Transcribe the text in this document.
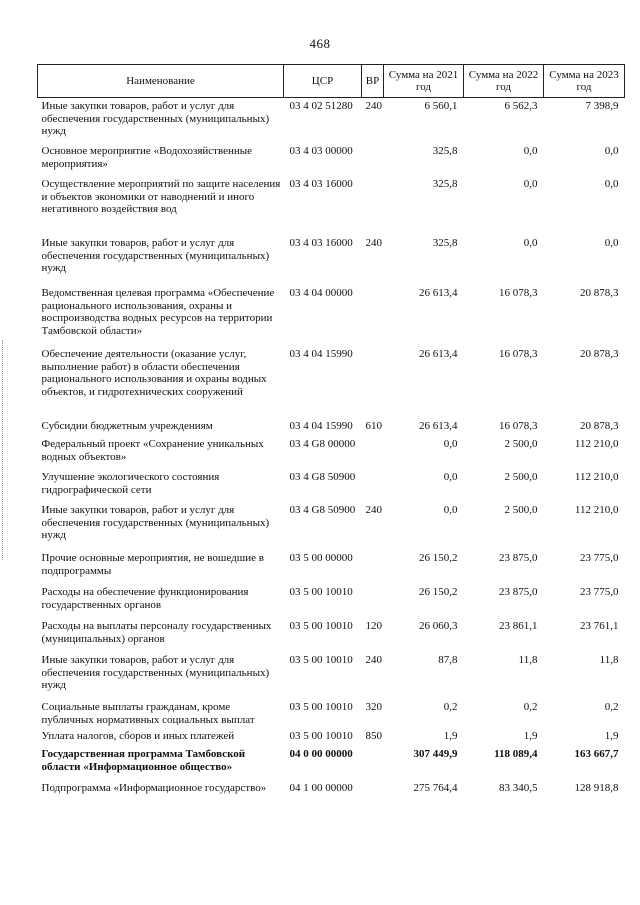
468
Наименование	ЦСР	ВР	Сумма на 2021 год	Сумма на 2022 год	Сумма на 2023 год
Иные закупки товаров, работ и услуг для обеспечения государственных (муниципальных) нужд	03 4 02 51280	240	6 560,1	6 562,3	7 398,9
Основное мероприятие «Водохозяйственные мероприятия»	03 4 03 00000		325,8	0,0	0,0
Осуществление мероприятий по защите населения и объектов экономики от наводнений и иного негативного воздействия вод	03 4 03 16000		325,8	0,0	0,0
Иные закупки товаров, работ и услуг для обеспечения государственных (муниципальных) нужд	03 4 03 16000	240	325,8	0,0	0,0
Ведомственная целевая программа «Обеспечение рационального использования, охраны и воспроизводства водных ресурсов на территории Тамбовской области»	03 4 04 00000		26 613,4	16 078,3	20 878,3
Обеспечение деятельности (оказание услуг, выполнение работ) в области обеспечения рационального использования и охраны водных объектов, и гидротехнических сооружений	03 4 04 15990		26 613,4	16 078,3	20 878,3
Субсидии бюджетным учреждениям	03 4 04 15990	610	26 613,4	16 078,3	20 878,3
Федеральный проект «Сохранение уникальных водных объектов»	03 4 G8 00000		0,0	2 500,0	112 210,0
Улучшение экологического состояния гидрографической сети	03 4 G8 50900		0,0	2 500,0	112 210,0
Иные закупки товаров, работ и услуг для обеспечения государственных (муниципальных) нужд	03 4 G8 50900	240	0,0	2 500,0	112 210,0
Прочие основные мероприятия, не вошедшие в подпрограммы	03 5 00 00000		26 150,2	23 875,0	23 775,0
Расходы на обеспечение функционирования государственных органов	03 5 00 10010		26 150,2	23 875,0	23 775,0
Расходы на выплаты персоналу государственных (муниципальных) органов	03 5 00 10010	120	26 060,3	23 861,1	23 761,1
Иные закупки товаров, работ и услуг для обеспечения государственных (муниципальных) нужд	03 5 00 10010	240	87,8	11,8	11,8
Социальные выплаты гражданам, кроме публичных нормативных социальных выплат	03 5 00 10010	320	0,2	0,2	0,2
Уплата налогов, сборов и иных платежей	03 5 00 10010	850	1,9	1,9	1,9
Государственная программа Тамбовской области «Информационное общество»	04 0 00 00000		307 449,9	118 089,4	163 667,7
Подпрограмма «Информационное государство»	04 1 00 00000		275 764,4	83 340,5	128 918,8
